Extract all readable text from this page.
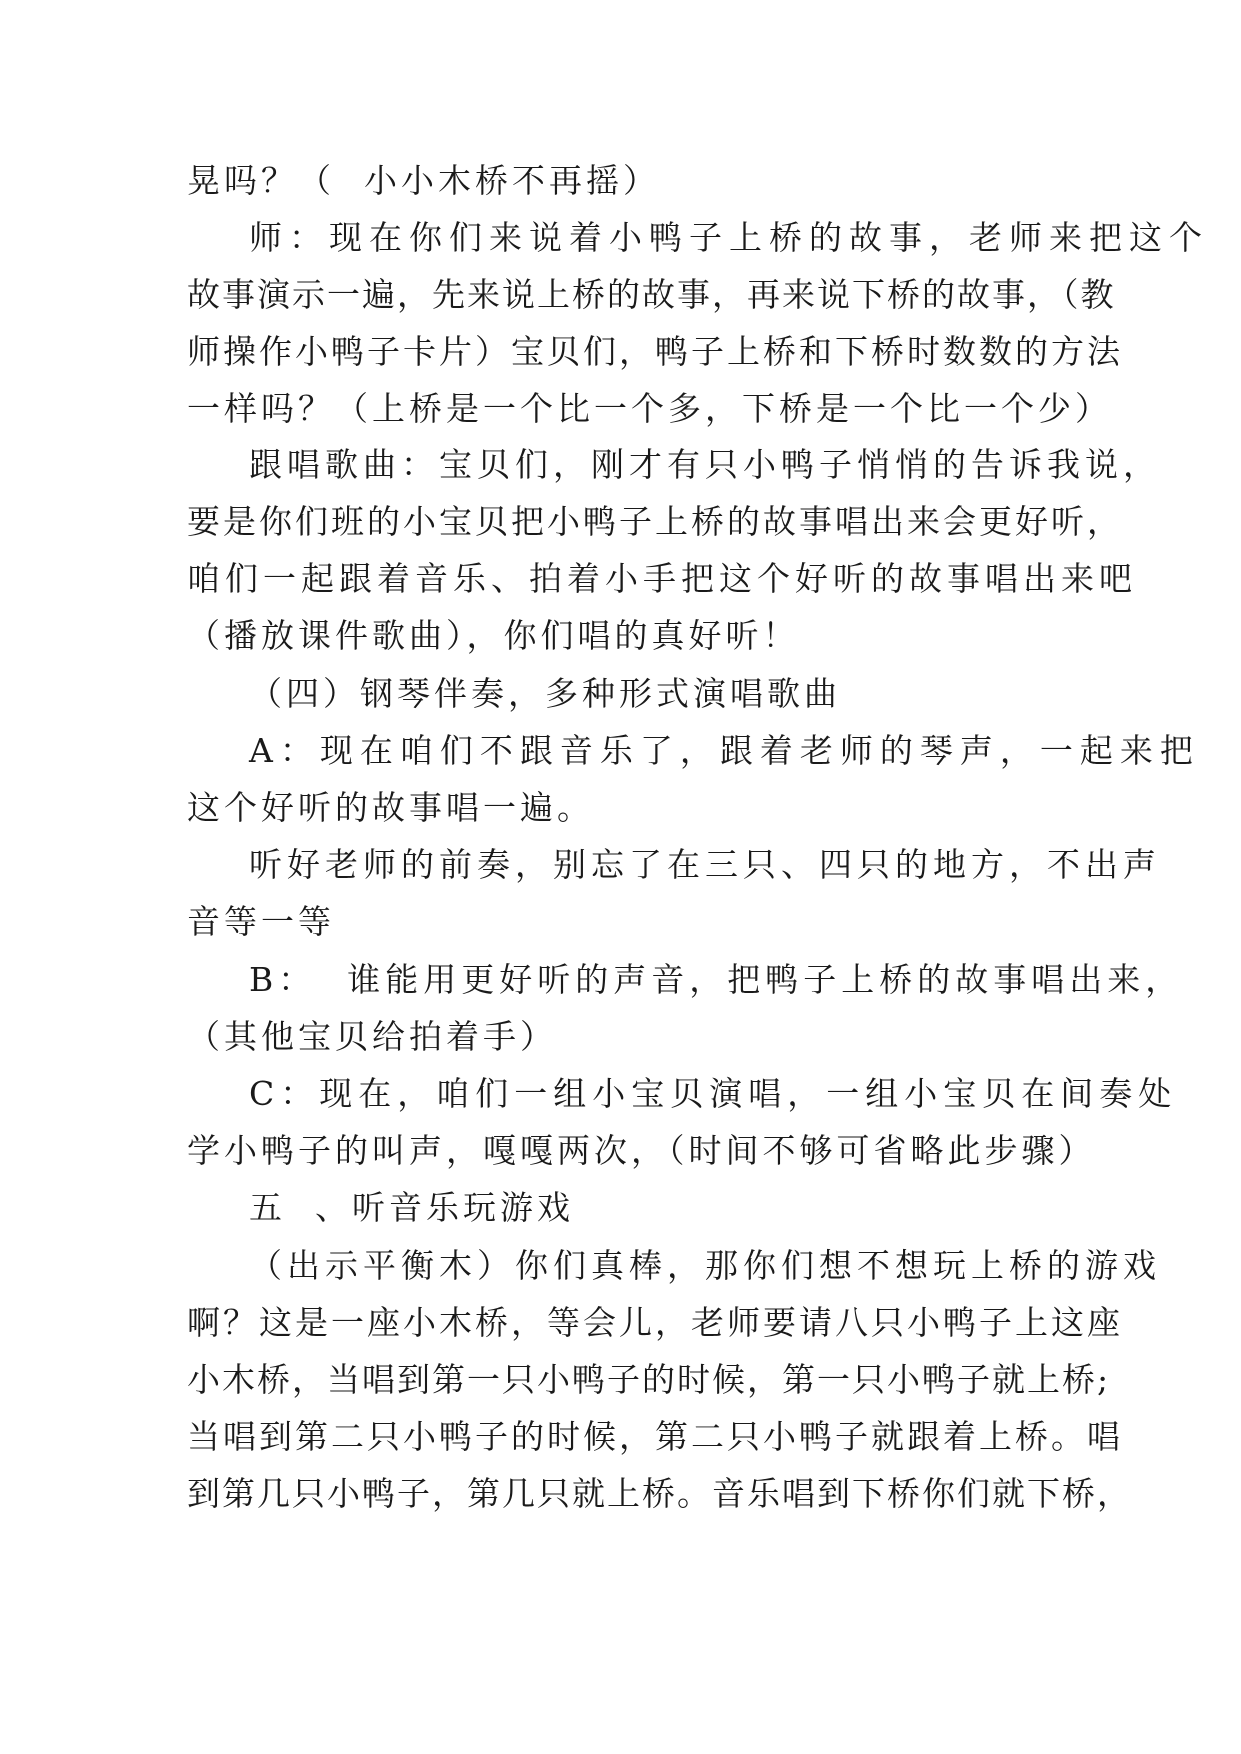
晃吗？（  小小木桥不再摇）
师：现在你们来说着小鸭子上桥的故事，老师来把这个
故事演示一遍，先来说上桥的故事，再来说下桥的故事，（教
师操作小鸭子卡片）宝贝们，鸭子上桥和下桥时数数的方法
一样吗？（上桥是一个比一个多，下桥是一个比一个少）
跟唱歌曲：宝贝们，刚才有只小鸭子悄悄的告诉我说，
要是你们班的小宝贝把小鸭子上桥的故事唱出来会更好听，
咱们一起跟着音乐、拍着小手把这个好听的故事唱出来吧
（播放课件歌曲），你们唱的真好听！
（四）钢琴伴奏，多种形式演唱歌曲
A：现在咱们不跟音乐了，跟着老师的琴声，一起来把
这个好听的故事唱一遍。
听好老师的前奏，别忘了在三只、四只的地方，不出声
音等一等
B：  谁能用更好听的声音，把鸭子上桥的故事唱出来，
（其他宝贝给拍着手）
C：现在，咱们一组小宝贝演唱，一组小宝贝在间奏处
学小鸭子的叫声，嘎嘎两次，（时间不够可省略此步骤）
五  、听音乐玩游戏
（出示平衡木）你们真棒，那你们想不想玩上桥的游戏
啊？这是一座小木桥，等会儿，老师要请八只小鸭子上这座
小木桥，当唱到第一只小鸭子的时候，第一只小鸭子就上桥;
当唱到第二只小鸭子的时候，第二只小鸭子就跟着上桥。唱
到第几只小鸭子，第几只就上桥。音乐唱到下桥你们就下桥，
